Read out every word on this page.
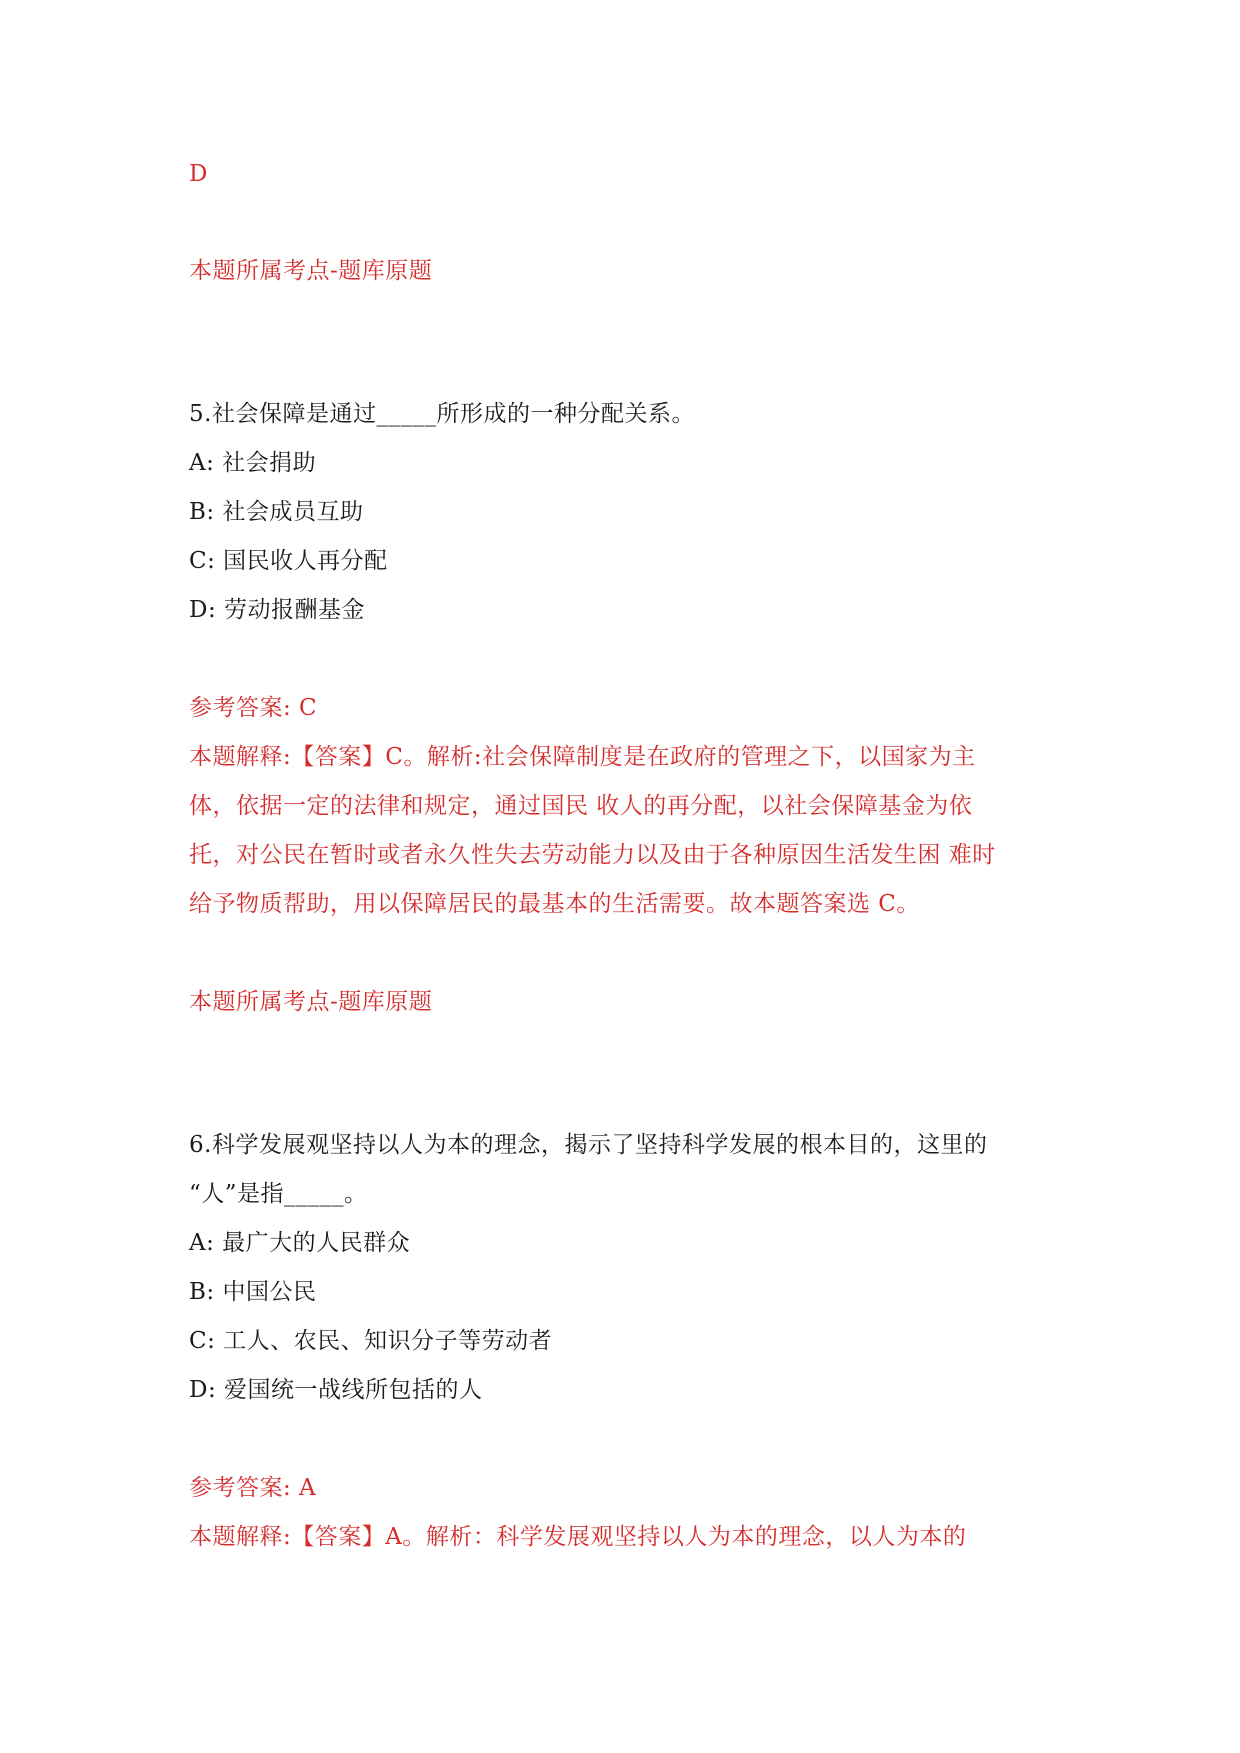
D
本题所属考点-题库原题
5.社会保障是通过_____所形成的一种分配关系。
A: 社会捐助
B: 社会成员互助
C: 国民收人再分配
D: 劳动报酬基金
参考答案: C
本题解释:【答案】C。解析:社会保障制度是在政府的管理之下，以国家为主
体，依据一定的法律和规定，通过国民 收人的再分配，以社会保障基金为依
托，对公民在暂时或者永久性失去劳动能力以及由于各种原因生活发生困 难时
给予物质帮助，用以保障居民的最基本的生活需要。故本题答案选 C。
本题所属考点-题库原题
6.科学发展观坚持以人为本的理念，揭示了坚持科学发展的根本目的，这里的
“人”是指_____。
A: 最广大的人民群众
B: 中国公民
C: 工人、农民、知识分子等劳动者
D: 爱国统一战线所包括的人
参考答案: A
本题解释:【答案】A。解析：科学发展观坚持以人为本的理念，以人为本的
